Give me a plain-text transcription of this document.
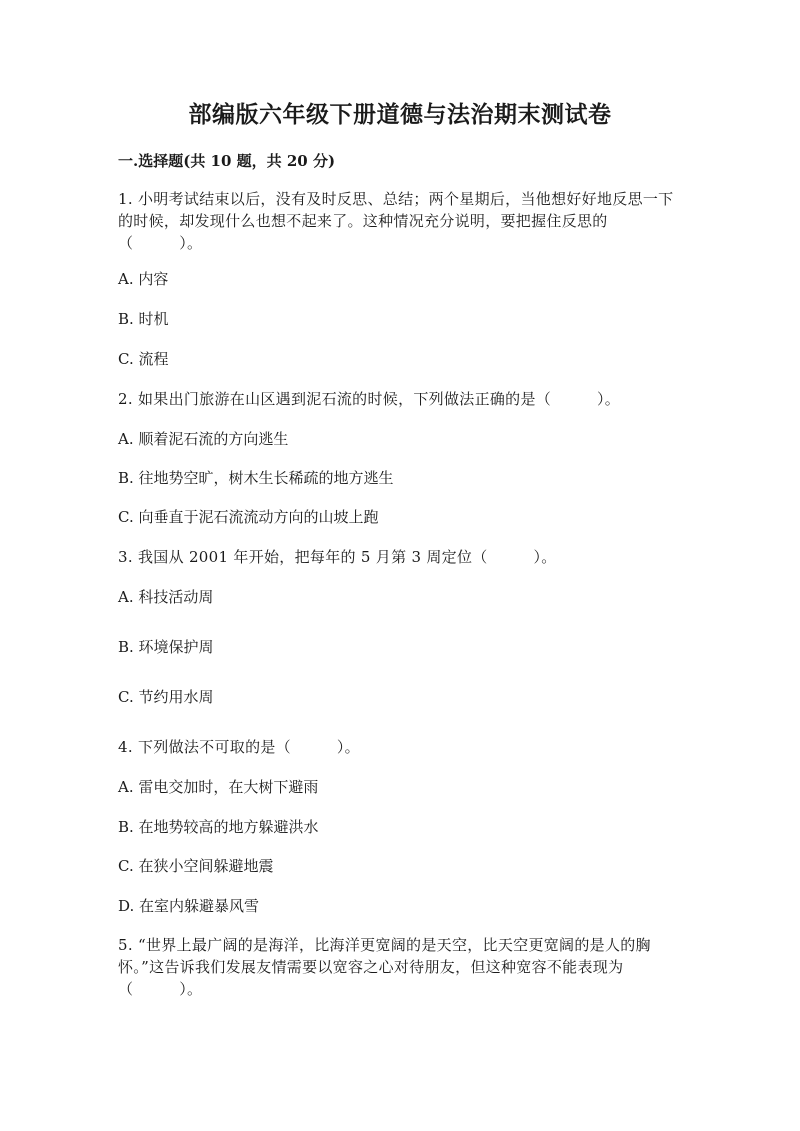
部编版六年级下册道德与法治期末测试卷
一.选择题(共 10 题，共 20 分)
1. 小明考试结束以后，没有及时反思、总结；两个星期后，当他想好好地反思一下的时候，却发现什么也想不起来了。这种情况充分说明，要把握住反思的（　　　）。
A. 内容
B. 时机
C. 流程
2. 如果出门旅游在山区遇到泥石流的时候，下列做法正确的是（　　　）。
A. 顺着泥石流的方向逃生
B. 往地势空旷，树木生长稀疏的地方逃生
C. 向垂直于泥石流流动方向的山坡上跑
3. 我国从 2001 年开始，把每年的 5 月第 3 周定位（　　　）。
A. 科技活动周
B. 环境保护周
C. 节约用水周
4. 下列做法不可取的是（　　　）。
A. 雷电交加时，在大树下避雨
B. 在地势较高的地方躲避洪水
C. 在狭小空间躲避地震
D. 在室内躲避暴风雪
5. “世界上最广阔的是海洋，比海洋更宽阔的是天空，比天空更宽阔的是人的胸怀。”这告诉我们发展友情需要以宽容之心对待朋友，但这种宽容不能表现为（　　　）。
